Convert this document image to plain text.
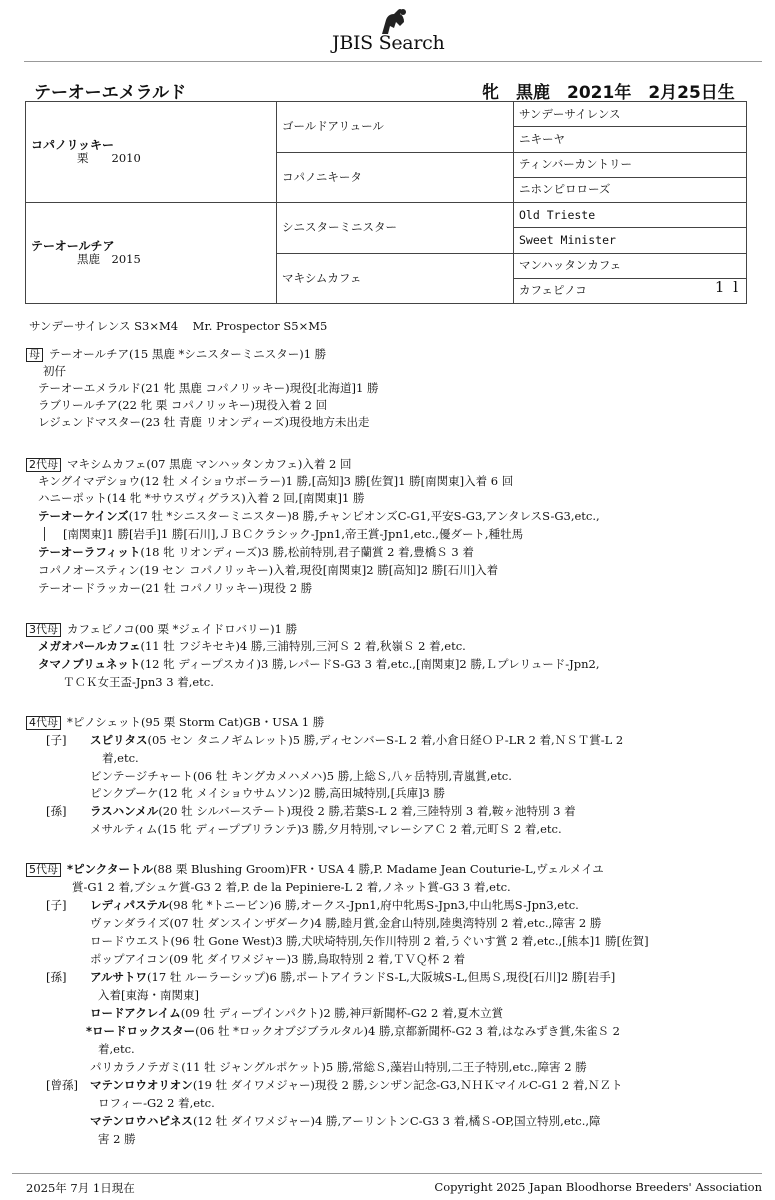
JBIS Search
テーオーエメラルド	牝　黒鹿　2021年　2月25日生
コパノリッキー
栗　　2010	ゴールドアリュール	サンデーサイレンス
		ニキーヤ
	コパノニキータ	ティンバーカントリー
		ニホンピロローズ

テーオールチア
黒鹿　2015	シニスターミニスター	Old Trieste
		Sweet Minister
	マキシムカフェ	マンハッタンカフェ
		カフェピノコ 1 l
サンデーサイレンス S3×M4    Mr. Prospector S5×M5
母 テーオールチア(15 黒鹿 *シニスターミニスター)1 勝
初仔
テーオーエメラルド(21 牝 黒鹿 コパノリッキー)現役[北海道]1 勝
ラブリールチア(22 牝 栗 コパノリッキー)現役入着 2 回
レジェンドマスター(23 牡 青鹿 リオンディーズ)現役地方未出走
2代母 マキシムカフェ(07 黒鹿 マンハッタンカフェ)入着 2 回
キングイマデショウ(12 牡 メイショウボーラー)1 勝,[高知]3 勝[佐賀]1 勝[南関東]入着 6 回
ハニーポット(14 牝 *サウスヴィグラス)入着 2 回,[南関東]1 勝
テーオーケインズ(17 牡 *シニスターミニスター)8 勝,チャンピオンズC-G1,平安S-G3,アンタレスS-G3,etc.,
[南関東]1 勝[岩手]1 勝[石川],ＪＢＣクラシック-Jpn1,帝王賞-Jpn1,etc.,優ダート,種牡馬
テーオーラフィット(18 牝 リオンディーズ)3 勝,松前特別,君子蘭賞 2 着,豊橋Ｓ 3 着
コパノオースティン(19 セン コパノリッキー)入着,現役[南関東]2 勝[高知]2 勝[石川]入着
テーオードラッカー(21 牡 コパノリッキー)現役 2 勝
3代母 カフェピノコ(00 栗 *ジェイドロバリー)1 勝
メガオパールカフェ(11 牡 フジキセキ)4 勝,三浦特別,三河Ｓ 2 着,秋嶺Ｓ 2 着,etc.
タマノブリュネット(12 牝 ディープスカイ)3 勝,レパードS-G3 3 着,etc.,[南関東]2 勝,Ｌプレリュード-Jpn2,
ＴＣＫ女王盃-Jpn3 3 着,etc.
4代母 *ピノシェット(95 栗 Storm Cat)GB・USA 1 勝
[子] スピリタス(05 セン タニノギムレット)5 勝,ディセンバーS-L 2 着,小倉日経ＯＰ-LR 2 着,ＮＳＴ賞-L 2
着,etc.
ビンテージチャート(06 牡 キングカメハメハ)5 勝,上総Ｓ,八ヶ岳特別,青嵐賞,etc.
ピンクブーケ(12 牝 メイショウサムソン)2 勝,高田城特別,[兵庫]3 勝
[孫] ラスハンメル(20 牡 シルバーステート)現役 2 勝,若葉S-L 2 着,三陸特別 3 着,鞍ヶ池特別 3 着
メサルティム(15 牝 ディープブリランテ)3 勝,夕月特別,マレーシアＣ 2 着,元町Ｓ 2 着,etc.
5代母 *ピンクタートル(88 栗 Blushing Groom)FR・USA 4 勝,P. Madame Jean Couturie-L,ヴェルメイユ
賞-G1 2 着,ブシュケ賞-G3 2 着,P. de la Pepiniere-L 2 着,ノネット賞-G3 3 着,etc.
[子] レディパステル(98 牝 *トニービン)6 勝,オークス-Jpn1,府中牝馬S-Jpn3,中山牝馬S-Jpn3,etc.
ヴァンダライズ(07 牡 ダンスインザダーク)4 勝,睦月賞,金倉山特別,陸奥湾特別 2 着,etc.,障害 2 勝
ロードウエスト(96 牡 Gone West)3 勝,犬吠埼特別,矢作川特別 2 着,うぐいす賞 2 着,etc.,[熊本]1 勝[佐賀]
ポップアイコン(09 牝 ダイワメジャー)3 勝,鳥取特別 2 着,ＴＶＱ杯 2 着
[孫] アルサトワ(17 牡 ルーラーシップ)6 勝,ポートアイランドS-L,大阪城S-L,但馬Ｓ,現役[石川]2 勝[岩手]
入着[東海・南関東]
ロードアクレイム(09 牡 ディープインパクト)2 勝,神戸新聞杯-G2 2 着,夏木立賞
*ロードロックスター(06 牡 *ロックオブジブラルタル)4 勝,京都新聞杯-G2 3 着,はなみずき賞,朱雀Ｓ 2
着,etc.
パリカラノテガミ(11 牡 ジャングルポケット)5 勝,常総Ｓ,藻岩山特別,二王子特別,etc.,障害 2 勝
[曾孫] マテンロウオリオン(19 牡 ダイワメジャー)現役 2 勝,シンザン記念-G3,ＮＨＫマイルC-G1 2 着,ＮＺト
ロフィー-G2 2 着,etc.
マテンロウハピネス(12 牡 ダイワメジャー)4 勝,アーリントンC-G3 3 着,橘Ｓ-OP,国立特別,etc.,障
害 2 勝
2025年 7月 1日現在	Copyright 2025 Japan Bloodhorse Breeders' Association
